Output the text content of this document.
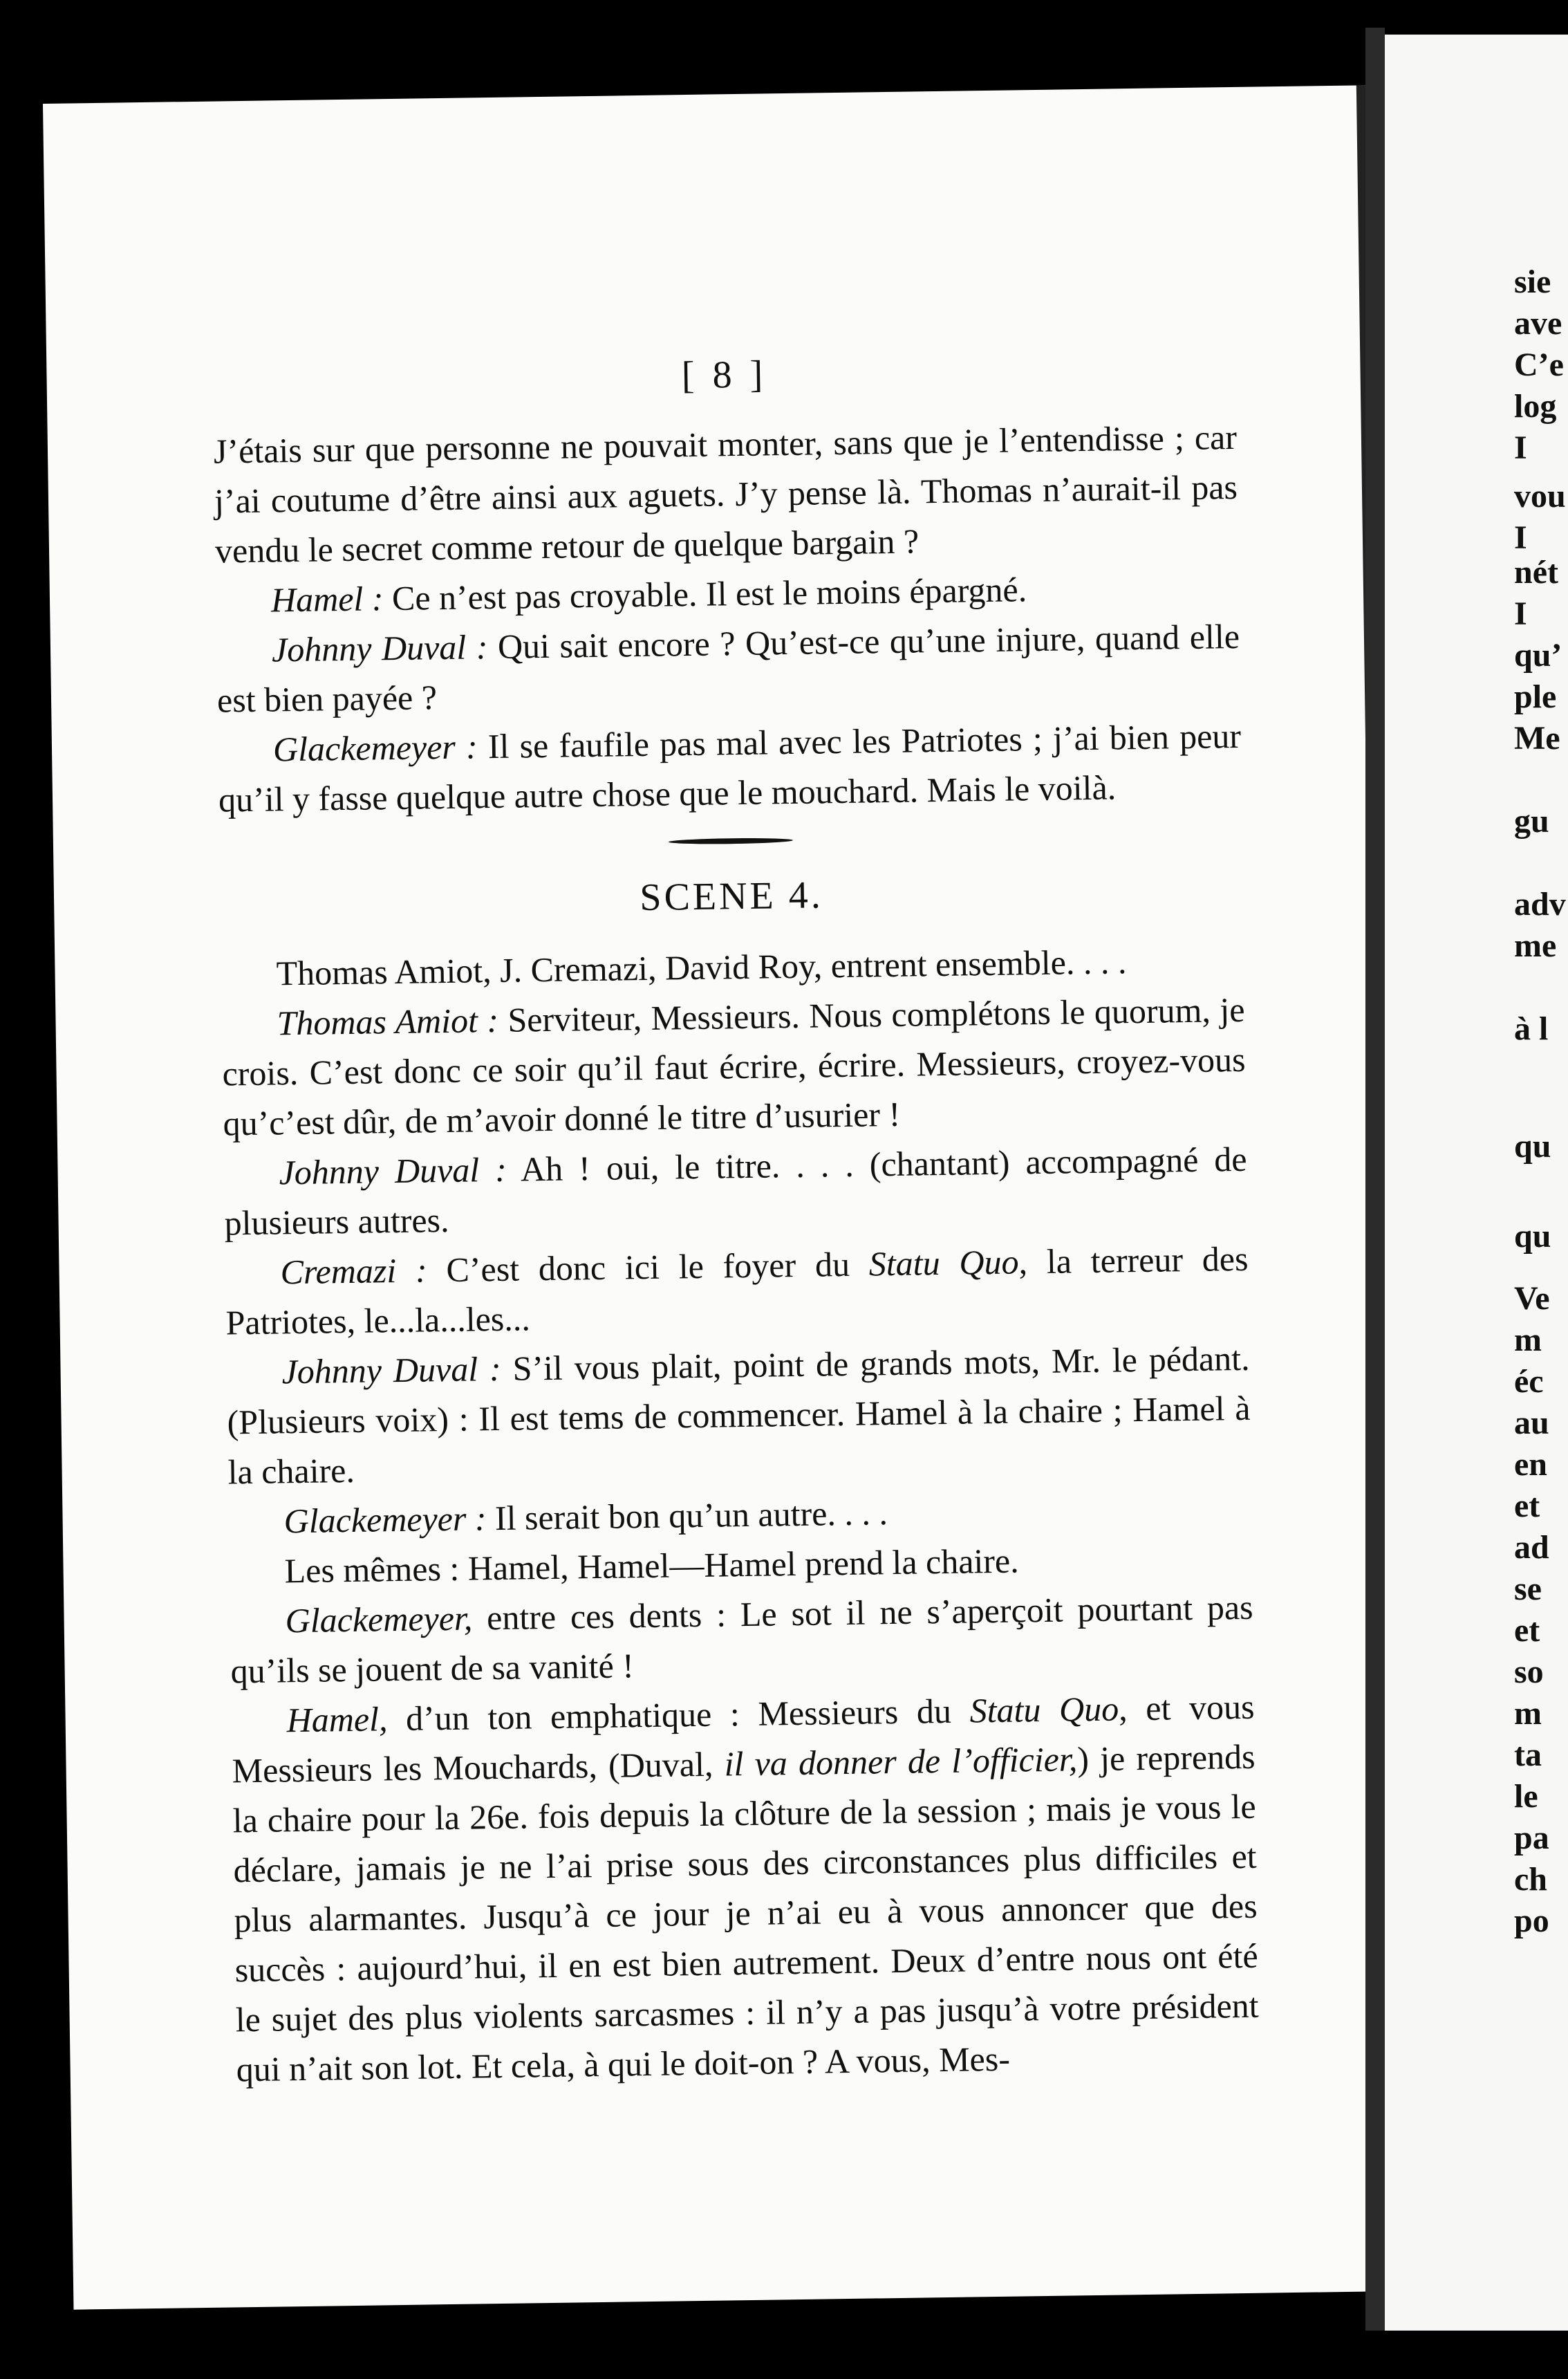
[ 8 ]

J’étais sur que personne ne pouvait monter, sans que je l’entendisse ; car j’ai coutume d’être ainsi aux aguets. J’y pense là. Thomas n’aurait-il pas vendu le secret comme retour de quelque bargain ?

Hamel : Ce n’est pas croyable. Il est le moins épargné.

Johnny Duval : Qui sait encore ? Qu’est-ce qu’une injure, quand elle est bien payée ?

Glackemeyer : Il se faufile pas mal avec les Patriotes ; j’ai bien peur qu’il y fasse quelque autre chose que le mouchard. Mais le voilà.

SCENE 4.

Thomas Amiot, J. Cremazi, David Roy, entrent ensemble. . . .

Thomas Amiot : Serviteur, Messieurs. Nous complétons le quorum, je crois. C’est donc ce soir qu’il faut écrire, écrire. Messieurs, croyez-vous qu’c’est dûr, de m’avoir donné le titre d’usurier !

Johnny Duval : Ah ! oui, le titre. . . . (chantant) accompagné de plusieurs autres.

Cremazi : C’est donc ici le foyer du Statu Quo, la terreur des Patriotes, le...la...les...

Johnny Duval : S’il vous plait, point de grands mots, Mr. le pédant. (Plusieurs voix) : Il est tems de commencer. Hamel à la chaire ; Hamel à la chaire.

Glackemeyer : Il serait bon qu’un autre. . . .

Les mêmes : Hamel, Hamel—Hamel prend la chaire.

Glackemeyer, entre ces dents : Le sot il ne s’aperçoit pourtant pas qu’ils se jouent de sa vanité !

Hamel, d’un ton emphatique : Messieurs du Statu Quo, et vous Messieurs les Mouchards, (Duval, il va donner de l’officier,) je reprends la chaire pour la 26e. fois depuis la clôture de la session ; mais je vous le déclare, jamais je ne l’ai prise sous des circonstances plus difficiles et plus alarmantes. Jusqu’à ce jour je n’ai eu à vous annoncer que des succès : aujourd’hui, il en est bien autrement. Deux d’entre nous ont été le sujet des plus violents sarcasmes : il n’y a pas jusqu’à votre président qui n’ait son lot. Et cela, à qui le doit-on ? A vous, Mes-

sie
ave
C’e
log
I
vou
I
nét
I
qu’
ple
Me
gu
adv
me
à l
qu
qu
Ve
m
éc
au
en
et
ad
se
et
so
m
ta
le
pa
ch
po
